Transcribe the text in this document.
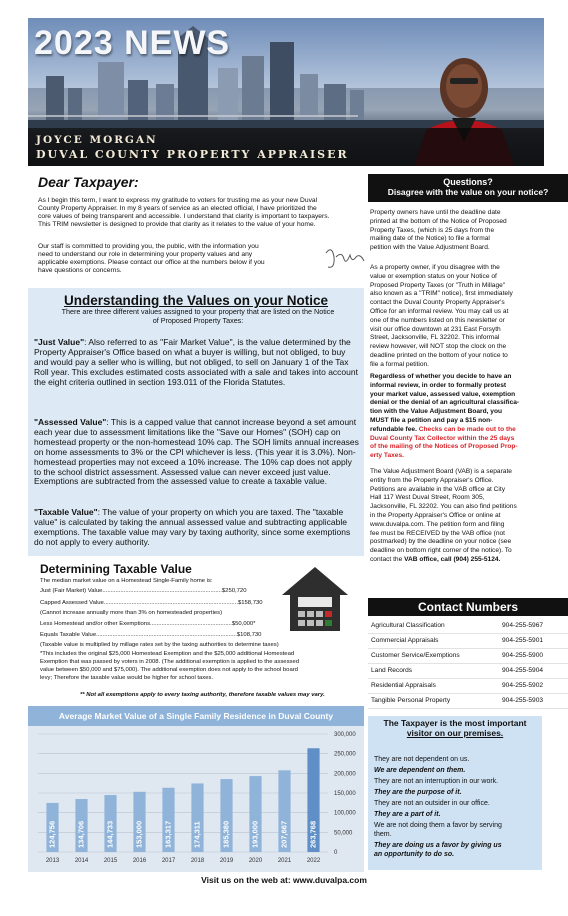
2023 NEWS
JOYCE MORGAN
DUVAL COUNTY PROPERTY APPRAISER
Dear Taxpayer:
As I begin this term, I want to express my gratitude to voters for trusting me as your new Duval
County Property Appraiser. In my 8 years of service as an elected official, I have prioritized the
core values of being transparent and accessible. I understand that clarity is important to taxpayers.
This TRIM newsletter is designed to provide that clarity as it relates to the value of your home.
Our staff is committed to providing you, the public, with the information you
need to understand our role in determining your property values and any
applicable exemptions. Please contact our office at the numbers below if you
have questions or concerns.
Understanding the Values on your Notice
There are three different values assigned to your property that are listed on the Notice of Proposed Property Taxes:
"Just Value": Also referred to as "Fair Market Value", is the value determined by the Property Appraiser's Office based on what a buyer is willing, but not obliged, to buy and would pay a seller who is willing, but not obliged, to sell on January 1 of the Tax Roll year. This excludes estimated costs associated with a sale and takes into account the eight criteria outlined in section 193.011 of the Florida Statutes.
"Assessed Value": This is a capped value that cannot increase beyond a set amount each year due to assessment limitations like the "Save our Homes" (SOH) cap on homestead property or the non-homestead 10% cap. The SOH limits annual increases on home assessments to 3% or the CPI whichever is less. (This year it is 3.0%). Non-homestead properties may not exceed a 10% increase. The 10% cap does not apply to the school district assessment. Assessed value can never exceed just value. Exemptions are subtracted from the assessed value to create a taxable value.
"Taxable Value": The value of your property on which you are taxed. The "taxable value" is calculated by taking the annual assessed value and subtracting applicable exemptions. The taxable value may vary by taxing authority, since some exemptions do not apply to every authority.
Determining Taxable Value
The median market value on a Homestead Single-Family home is:
Just (Fair Market) Value.........................................................................$250,720
Capped Assessed Value..................................................................................$158,730
(Cannot increase annually more than 3% on homesteaded properties)
Less Homestead and/or other Exemptions..................................................$50,000*
Equals Taxable Value......................................................................................$108,730
(Taxable value is multiplied by millage rates set by the taxing authorities to determine taxes)
*This includes the original $25,000 Homestead Exemption and the $25,000 additional Homestead
Exemption that was passed by voters in 2008. (The additional exemption is applied to the assessed
value between $50,000 and $75,000). The additional exemption does not apply to the school board
levy; Therefore the taxable value would be higher for school taxes.
** Not all exemptions apply to every taxing authority, therefore taxable values may vary.
Average Market Value of a Single Family Residence in Duval County
0
50,000
100,000
150,000
200,000
250,000
300,000
124,756
2013
134,706
2014
144,733
2015
153,000
2016
163,317
2017
174,311
2018
185,380
2019
193,000
2020
207,667
2021
263,768
2022
Visit us on the web at: www.duvalpa.com
Questions?
Disagree with the value on your notice?
Property owners have until the deadline date
printed at the bottom of the Notice of Proposed
Property Taxes, (which is 25 days from the
mailing date of the Notice) to file a formal
petition with the Value Adjustment Board.
As a property owner, if you disagree with the
value or exemption status on your Notice of
Proposed Property Taxes (or "Truth in Millage"
also known as a "TRIM" notice), first immediately
contact the Duval County Property Appraiser's
Office for an informal review. You may call us at
one of the numbers listed on this newsletter or
visit our office downtown at 231 East Forsyth
Street, Jacksonville, FL 32202. This informal
review however, will NOT stop the clock on the
deadline printed on the bottom of your notice to
file a formal petition.
Regardless of whether you decide to have an
informal review, in order to formally protest
your market value, assessed value, exemption
denial or the denial of an agricultural classifica-
tion with the Value Adjustment Board, you
MUST file a petition and pay a $15 non-
refundable fee. Checks can be made out to the
Duval County Tax Collector within the 25 days
of the mailing of the Notices of Proposed Prop-
erty Taxes.
The Value Adjustment Board (VAB) is a separate
entity from the Property Appraiser's Office.
Petitions are available in the VAB office at City
Hall 117 West Duval Street, Room 305,
Jacksonville, FL 32202. You can also find petitions
in the Property Appraiser's Office or online at
www.duvalpa.com. The petition form and filing
fee must be RECEIVED by the VAB office (not
postmarked) by the deadline on your notice (see
deadline on bottom right corner of the notice). To
contact the VAB office, call (904) 255-5124.
Contact Numbers
Agricultural Classification	904-255-5967
Commercial Appraisals	904-255-5901
Customer Service/Exemptions	904-255-5900
Land Records	904-255-5904
Residential Appraisals	904-255-5902
Tangible Personal Property	904-255-5903
The Taxpayer is the most important
visitor on our premises.
They are not dependent on us.
We are dependent on them.
They are not an interruption in our work.
They are the purpose of it.
They are not an outsider in our office.
They are a part of it.
We are not doing them a favor by serving
them.
They are doing us a favor by giving us
an opportunity to do so.
